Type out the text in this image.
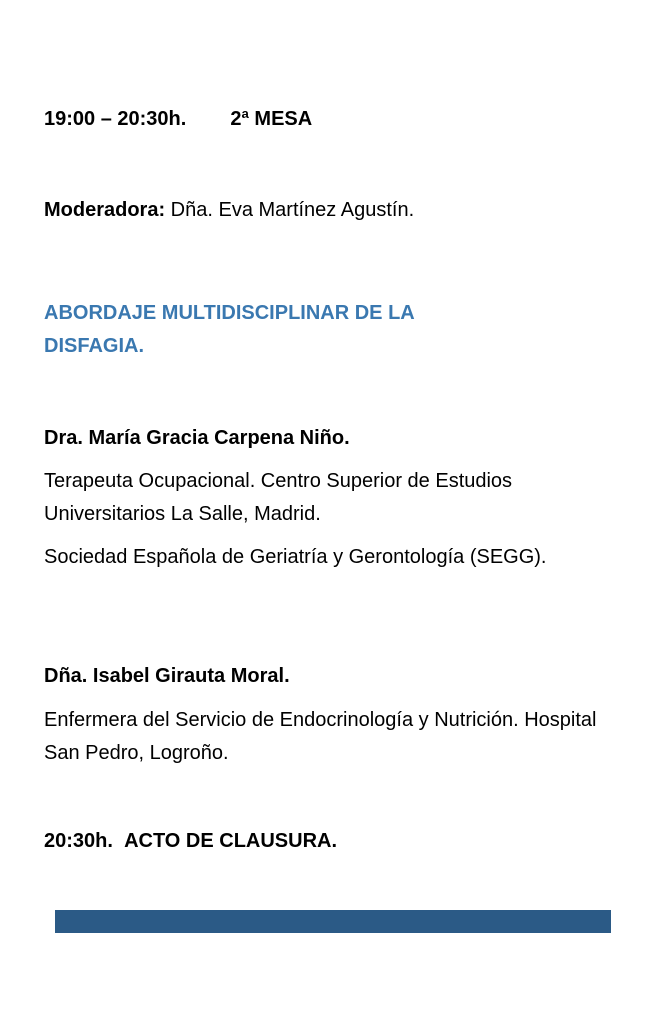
19:00 – 20:30h. 2ª MESA
Moderadora: Dña. Eva Martínez Agustín.
ABORDAJE MULTIDISCIPLINAR DE LA
DISFAGIA.
Dra. María Gracia Carpena Niño.
Terapeuta Ocupacional. Centro Superior de Estudios Universitarios La Salle, Madrid.
Sociedad Española de Geriatría y Gerontología (SEGG).
Dña. Isabel Girauta Moral.
Enfermera del Servicio de Endocrinología y Nutrición. Hospital San Pedro, Logroño.
20:30h. ACTO DE CLAUSURA.
